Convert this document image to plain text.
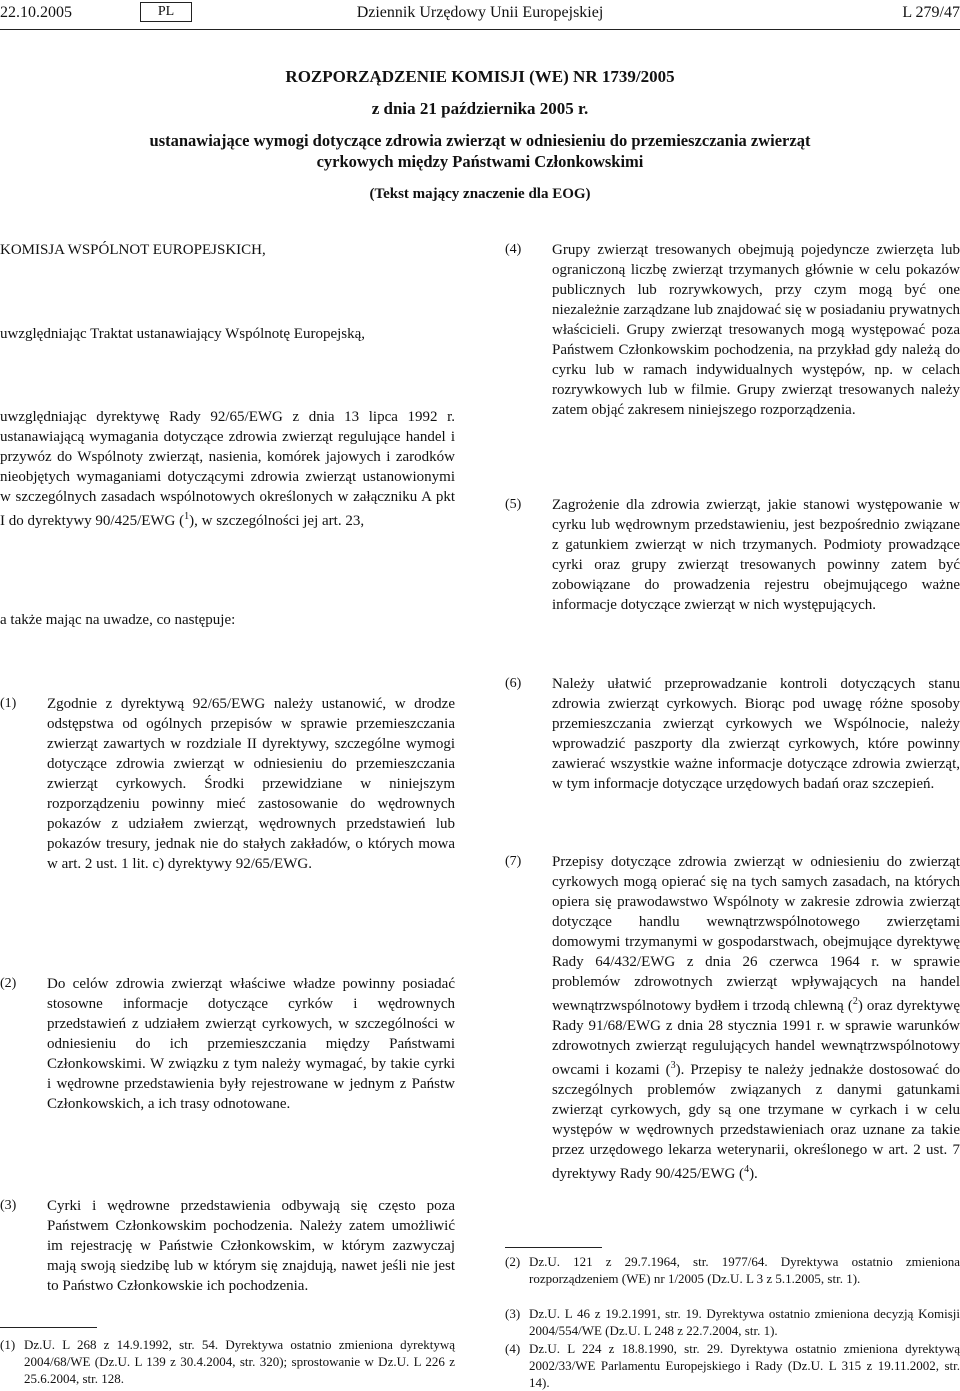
22.10.2005	PL	Dziennik Urzędowy Unii Europejskiej	L 279/47
ROZPORZĄDZENIE KOMISJI (WE) NR 1739/2005
z dnia 21 października 2005 r.
ustanawiające wymogi dotyczące zdrowia zwierząt w odniesieniu do przemieszczania zwierząt
cyrkowych między Państwami Członkowskimi
(Tekst mający znaczenie dla EOG)
KOMISJA WSPÓLNOT EUROPEJSKICH,
uwzględniając Traktat ustanawiający Wspólnotę Europejską,
uwzględniając dyrektywę Rady 92/65/EWG z dnia 13 lipca 1992 r. ustanawiającą wymagania dotyczące zdrowia zwierząt regulujące handel i przywóz do Wspólnoty zwierząt, nasienia, komórek jajowych i zarodków nieobjętych wymaganiami dotyczącymi zdrowia zwierząt ustanowionymi w szczególnych zasadach wspólnotowych określonych w załączniku A pkt I do dyrektywy 90/425/EWG ($^1$), w szczególności jej art. 23,
a także mając na uwadze, co następuje:
(1) Zgodnie z dyrektywą 92/65/EWG należy ustanowić, w drodze odstępstwa od ogólnych przepisów w sprawie przemieszczania zwierząt zawartych w rozdziale II dyrektywy, szczególne wymogi dotyczące zdrowia zwierząt w odniesieniu do przemieszczania zwierząt cyrkowych. Środki przewidziane w niniejszym rozporządzeniu powinny mieć zastosowanie do wędrownych pokazów z udziałem zwierząt, wędrownych przedstawień lub pokazów tresury, jednak nie do stałych zakładów, o których mowa w art. 2 ust. 1 lit. c) dyrektywy 92/65/EWG.
(2) Do celów zdrowia zwierząt właściwe władze powinny posiadać stosowne informacje dotyczące cyrków i wędrownych przedstawień z udziałem zwierząt cyrkowych, w szczególności w odniesieniu do ich przemieszczania między Państwami Członkowskimi. W związku z tym należy wymagać, by takie cyrki i wędrowne przedstawienia były rejestrowane w jednym z Państw Członkowskich, a ich trasy odnotowane.
(3) Cyrki i wędrowne przedstawienia odbywają się często poza Państwem Członkowskim pochodzenia. Należy zatem umożliwić im rejestrację w Państwie Członkowskim, w którym zazwyczaj mają swoją siedzibę lub w którym się znajdują, nawet jeśli nie jest to Państwo Członkowskie ich pochodzenia.
(1) Dz.U. L 268 z 14.9.1992, str. 54. Dyrektywa ostatnio zmieniona dyrektywą 2004/68/WE (Dz.U. L 139 z 30.4.2004, str. 320); sprostowanie w Dz.U. L 226 z 25.6.2004, str. 128.
(4) Grupy zwierząt tresowanych obejmują pojedyncze zwierzęta lub ograniczoną liczbę zwierząt trzymanych głównie w celu pokazów publicznych lub rozrywkowych, przy czym mogą być one niezależnie zarządzane lub znajdować się w posiadaniu prywatnych właścicieli. Grupy zwierząt tresowanych mogą występować poza Państwem Członkowskim pochodzenia, na przykład gdy należą do cyrku lub w ramach indywidualnych występów, np. w celach rozrywkowych lub w filmie. Grupy zwierząt tresowanych należy zatem objąć zakresem niniejszego rozporządzenia.
(5) Zagrożenie dla zdrowia zwierząt, jakie stanowi występowanie w cyrku lub wędrownym przedstawieniu, jest bezpośrednio związane z gatunkiem zwierząt w nich trzymanych. Podmioty prowadzące cyrki oraz grupy zwierząt tresowanych powinny zatem być zobowiązane do prowadzenia rejestru obejmującego ważne informacje dotyczące zwierząt w nich występujących.
(6) Należy ułatwić przeprowadzanie kontroli dotyczących stanu zdrowia zwierząt cyrkowych. Biorąc pod uwagę różne sposoby przemieszczania zwierząt cyrkowych we Wspólnocie, należy wprowadzić paszporty dla zwierząt cyrkowych, które powinny zawierać wszystkie ważne informacje dotyczące zdrowia zwierząt, w tym informacje dotyczące urzędowych badań oraz szczepień.
(7) Przepisy dotyczące zdrowia zwierząt w odniesieniu do zwierząt cyrkowych mogą opierać się na tych samych zasadach, na których opiera się prawodawstwo Wspólnoty w zakresie zdrowia zwierząt dotyczące handlu wewnątrzwspólnotowego zwierzętami domowymi trzymanymi w gospodarstwach, obejmujące dyrektywę Rady 64/432/EWG z dnia 26 czerwca 1964 r. w sprawie problemów zdrowotnych zwierząt wpływających na handel wewnątrzwspólnotowy bydłem i trzodą chlewną ($^2$) oraz dyrektywę Rady 91/68/EWG z dnia 28 stycznia 1991 r. w sprawie warunków zdrowotnych zwierząt regulujących handel wewnątrzwspólnotowy owcami i kozami ($^3$). Przepisy te należy jednakże dostosować do szczególnych problemów związanych z danymi gatunkami zwierząt cyrkowych, gdy są one trzymane w cyrkach i w celu występów w wędrownych przedstawieniach oraz uznane za takie przez urzędowego lekarza weterynarii, określonego w art. 2 ust. 7 dyrektywy Rady 90/425/EWG ($^4$).
(2) Dz.U. 121 z 29.7.1964, str. 1977/64. Dyrektywa ostatnio zmieniona rozporządzeniem (WE) nr 1/2005 (Dz.U. L 3 z 5.1.2005, str. 1).
(3) Dz.U. L 46 z 19.2.1991, str. 19. Dyrektywa ostatnio zmieniona decyzją Komisji 2004/554/WE (Dz.U. L 248 z 22.7.2004, str. 1).
(4) Dz.U. L 224 z 18.8.1990, str. 29. Dyrektywa ostatnio zmieniona dyrektywą 2002/33/WE Parlamentu Europejskiego i Rady (Dz.U. L 315 z 19.11.2002, str. 14).
